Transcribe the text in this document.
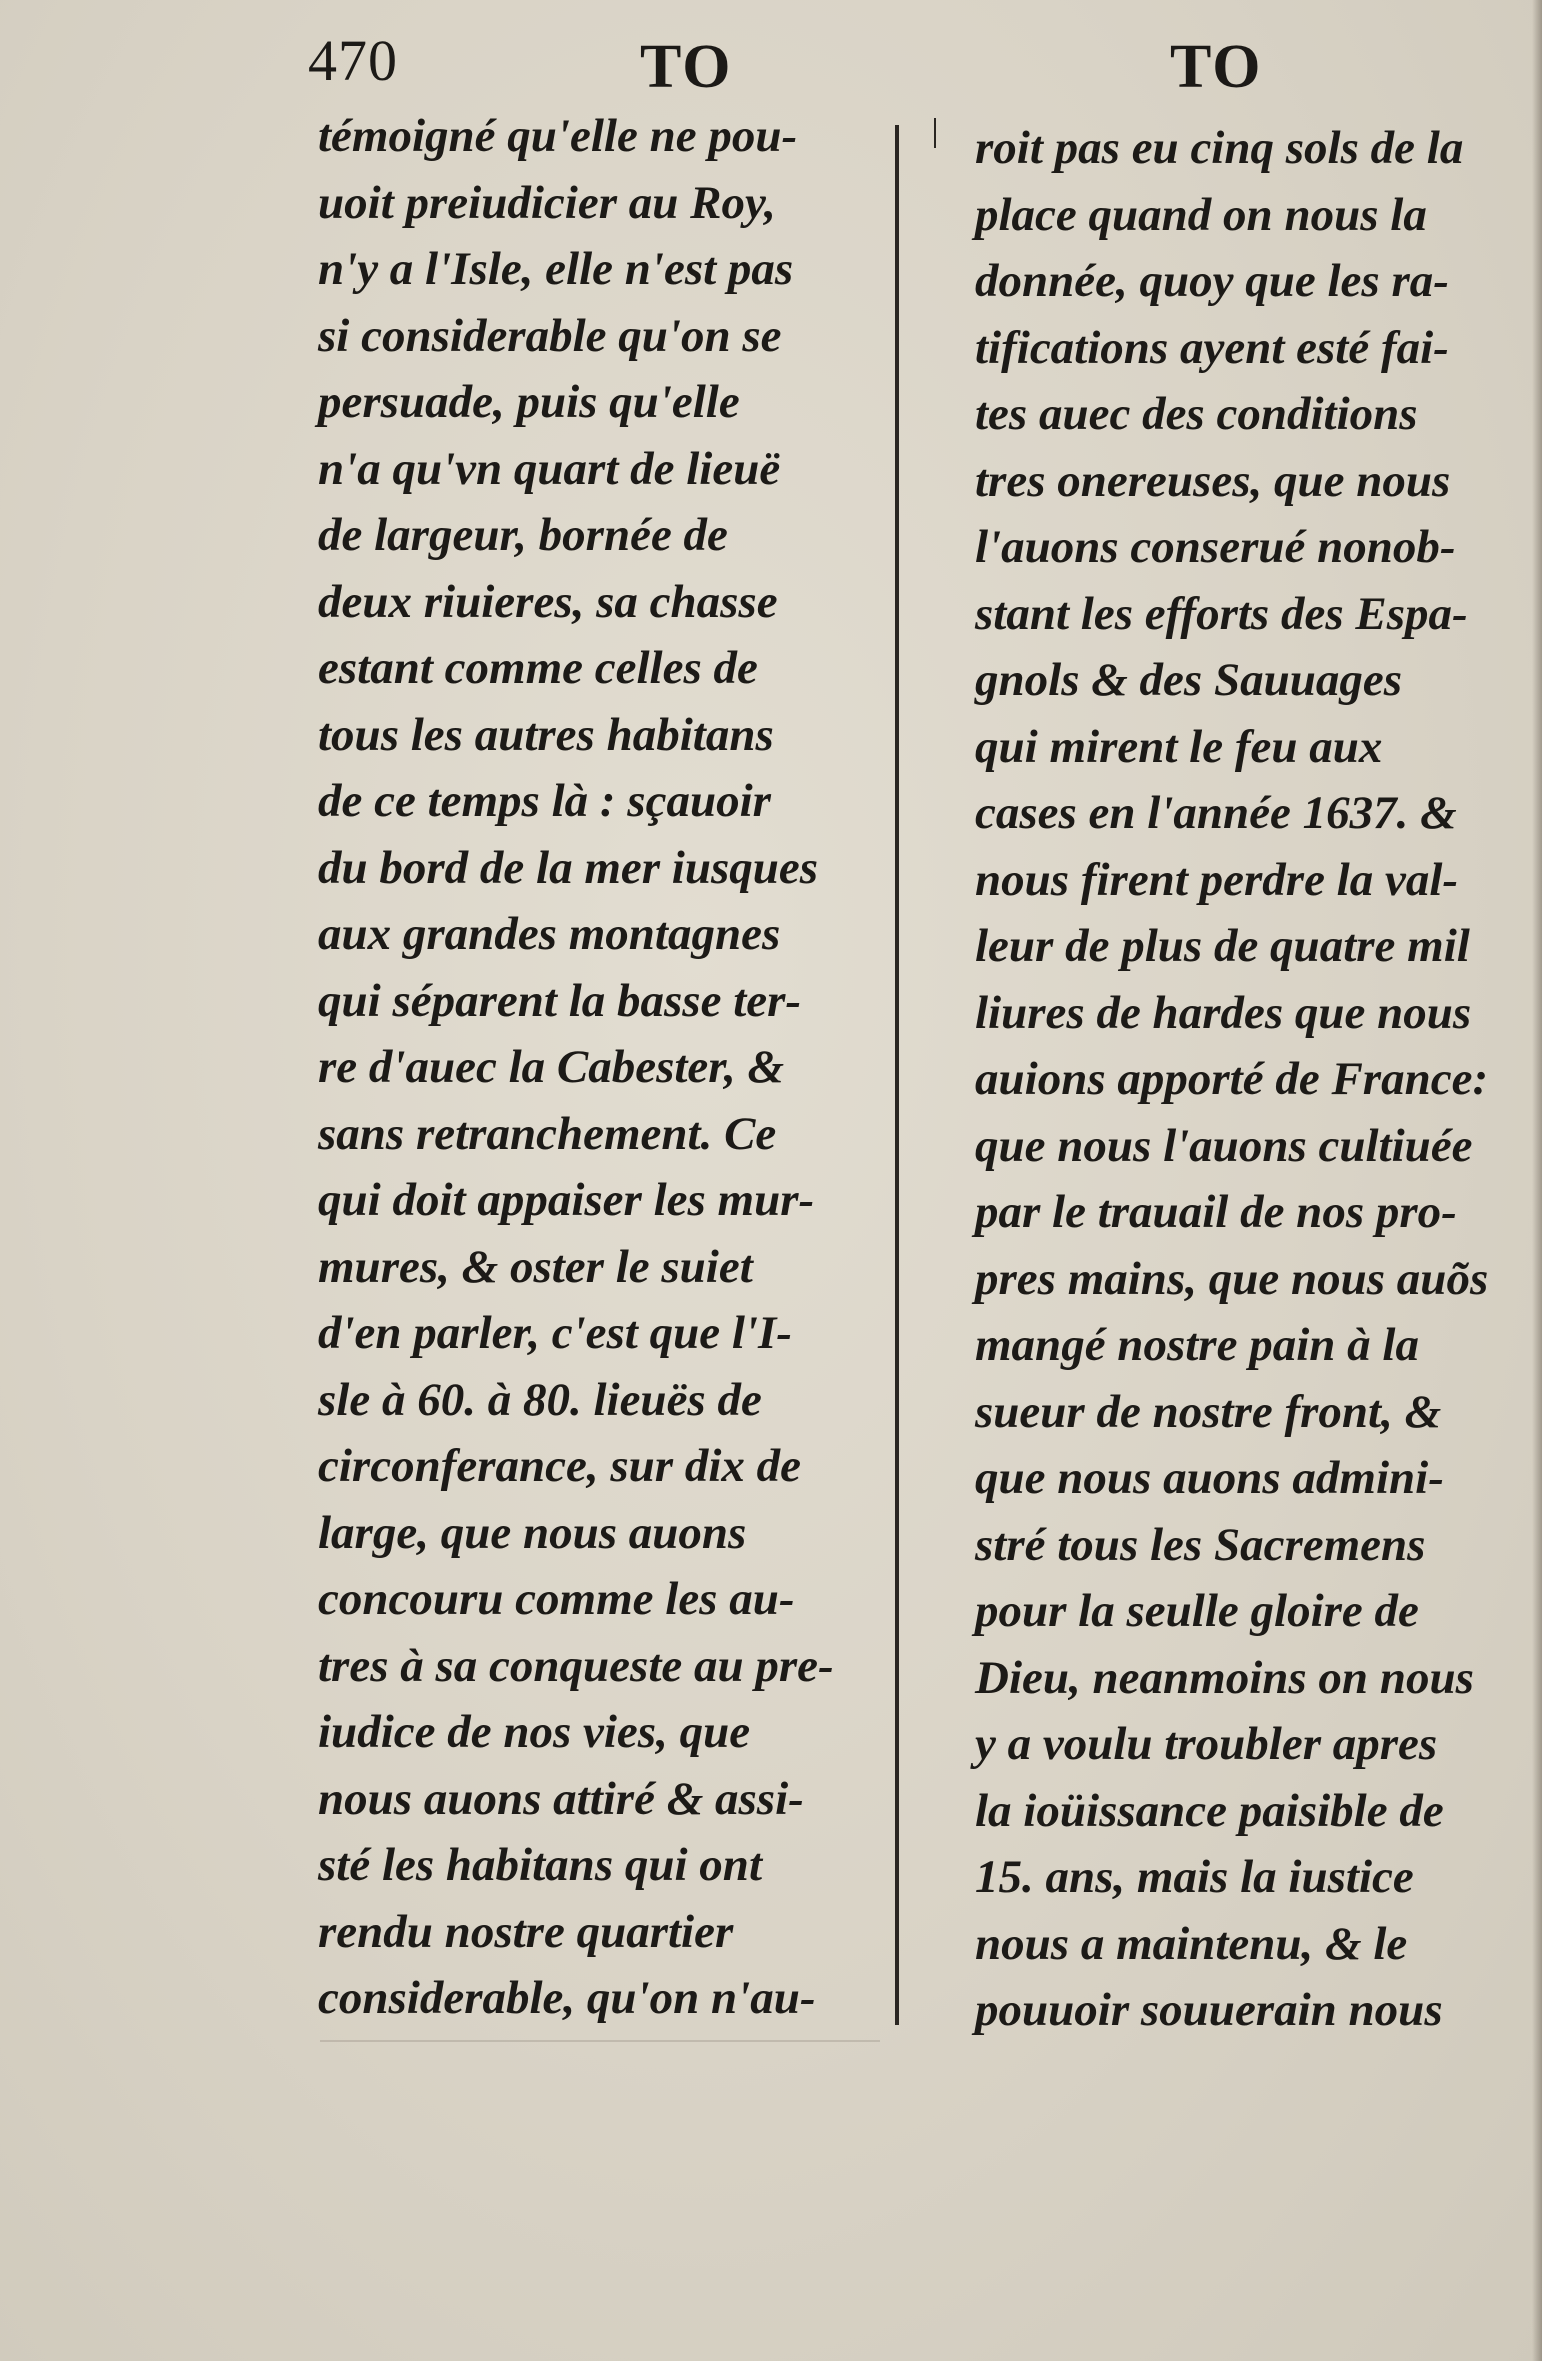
470	TO	TO
témoigné qu'elle ne pou-
uoit preiudicier au Roy,
n'y a l'Isle, elle n'est pas
si considerable qu'on se
persuade, puis qu'elle
n'a qu'vn quart de lieuë
de largeur, bornée de
deux riuieres, sa chasse
estant comme celles de
tous les autres habitans
de ce temps là : sçauoir
du bord de la mer iusques
aux grandes montagnes
qui séparent la basse ter-
re d'auec la Cabester, &
sans retranchement. Ce
qui doit appaiser les mur-
mures, & oster le suiet
d'en parler, c'est que l'I-
sle à 60. à 80. lieuës de
circonferance, sur dix de
large, que nous auons
concouru comme les au-
tres à sa conqueste au pre-
iudice de nos vies, que
nous auons attiré & assi-
sté les habitans qui ont
rendu nostre quartier
considerable, qu'on n'au-
roit pas eu cinq sols de la
place quand on nous la
donnée, quoy que les ra-
tifications ayent esté fai-
tes auec des conditions
tres onereuses, que nous
l'auons conserué nonob-
stant les efforts des Espa-
gnols & des Sauuages
qui mirent le feu aux
cases en l'année 1637. &
nous firent perdre la val-
leur de plus de quatre mil
liures de hardes que nous
auions apporté de France:
que nous l'auons cultiuée
par le trauail de nos pro-
pres mains, que nous auõs
mangé nostre pain à la
sueur de nostre front, &
que nous auons admini-
stré tous les Sacremens
pour la seulle gloire de
Dieu, neanmoins on nous
y a voulu troubler apres
la ioüissance paisible de
15. ans, mais la iustice
nous a maintenu, & le
pouuoir souuerain nous
